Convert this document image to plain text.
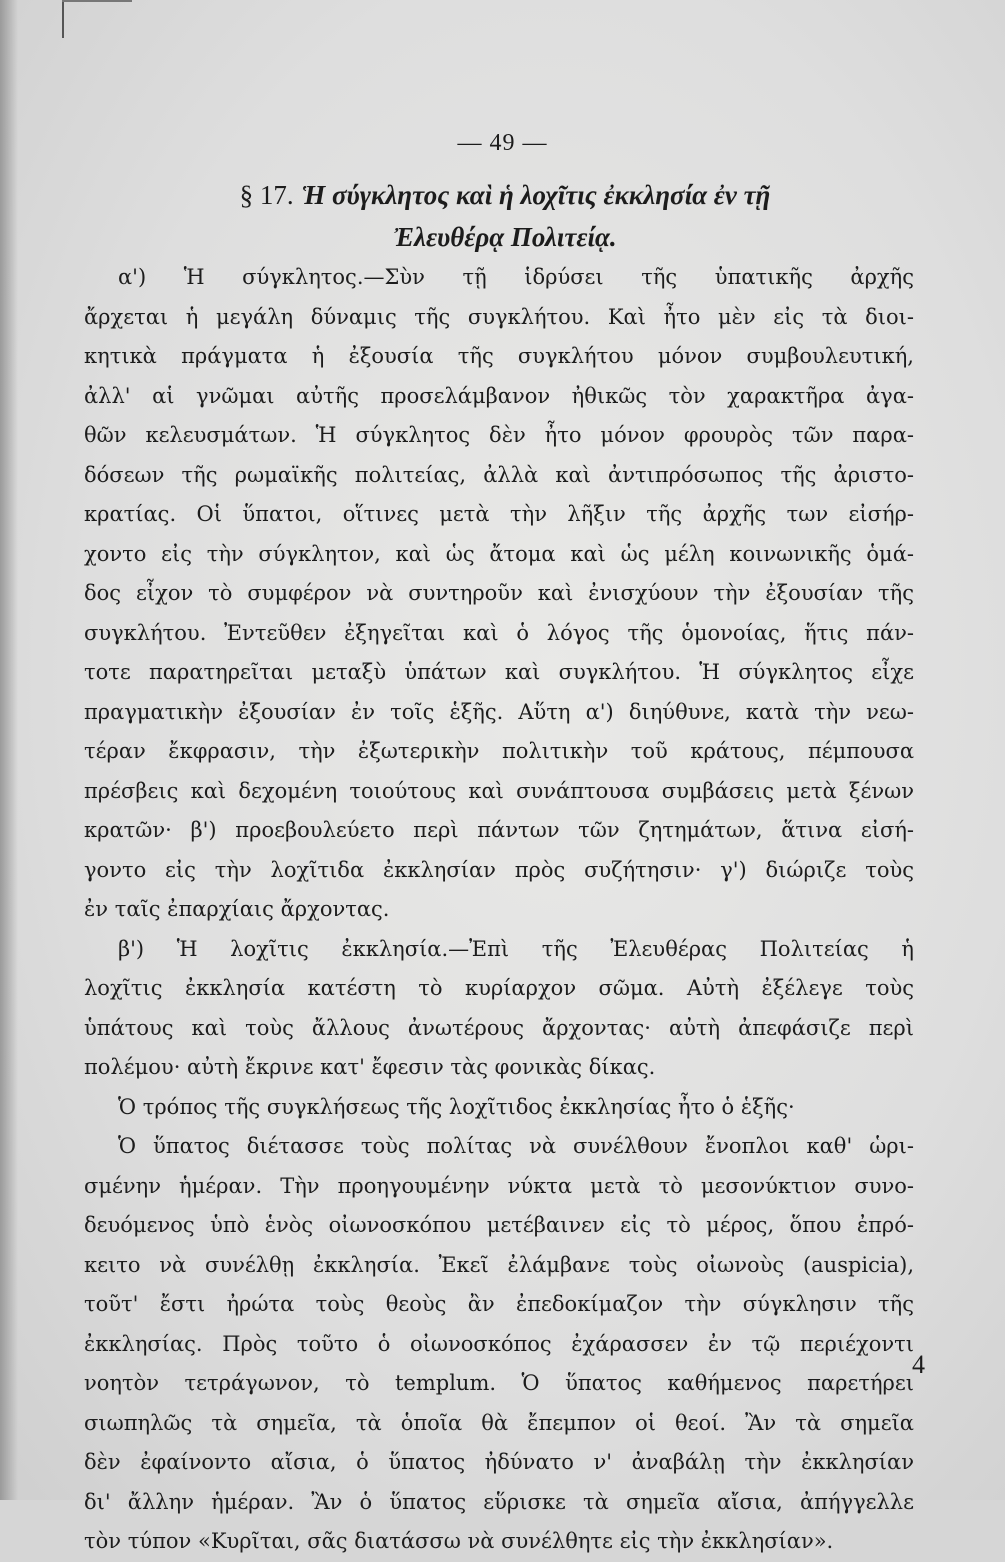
— 49 —
§ 17. Ἡ σύγκλητος καὶ ἡ λοχῖτις ἐκκλησία ἐν τῇ
Ἐλευθέρᾳ Πολιτείᾳ.
α') Ἡ σύγκλητος.—Σὺν τῇ ἱδρύσει τῆς ὑπατικῆς ἀρχῆς
ἄρχεται ἡ μεγάλη δύναμις τῆς συγκλήτου. Καὶ ἦτο μὲν εἰς τὰ διοι-
κητικὰ πράγματα ἡ ἐξουσία τῆς συγκλήτου μόνον συμβουλευτική,
ἀλλ' αἱ γνῶμαι αὐτῆς προσελάμβανον ἠθικῶς τὸν χαρακτῆρα ἀγα-
θῶν κελευσμάτων. Ἡ σύγκλητος δὲν ἦτο μόνον φρουρὸς τῶν παρα-
δόσεων τῆς ρωμαϊκῆς πολιτείας, ἀλλὰ καὶ ἀντιπρόσωπος τῆς ἀριστο-
κρατίας. Οἱ ὕπατοι, οἵτινες μετὰ τὴν λῆξιν τῆς ἀρχῆς των εἰσήρ-
χοντο εἰς τὴν σύγκλητον, καὶ ὡς ἄτομα καὶ ὡς μέλη κοινωνικῆς ὁμά-
δος εἶχον τὸ συμφέρον νὰ συντηροῦν καὶ ἐνισχύουν τὴν ἐξουσίαν τῆς
συγκλήτου. Ἐντεῦθεν ἐξηγεῖται καὶ ὁ λόγος τῆς ὁμονοίας, ἥτις πάν-
τοτε παρατηρεῖται μεταξὺ ὑπάτων καὶ συγκλήτου. Ἡ σύγκλητος εἶχε
πραγματικὴν ἐξουσίαν ἐν τοῖς ἑξῆς. Αὕτη α') διηύθυνε, κατὰ τὴν νεω-
τέραν ἔκφρασιν, τὴν ἐξωτερικὴν πολιτικὴν τοῦ κράτους, πέμπουσα
πρέσβεις καὶ δεχομένη τοιούτους καὶ συνάπτουσα συμβάσεις μετὰ ξένων
κρατῶν· β') προεβουλεύετο περὶ πάντων τῶν ζητημάτων, ἅτινα εἰσή-
γοντο εἰς τὴν λοχῖτιδα ἐκκλησίαν πρὸς συζήτησιν· γ') διώριζε τοὺς
ἐν ταῖς ἐπαρχίαις ἄρχοντας.
β') Ἡ λοχῖτις ἐκκλησία.—Ἐπὶ τῆς Ἐλευθέρας Πολιτείας ἡ
λοχῖτις ἐκκλησία κατέστη τὸ κυρίαρχον σῶμα. Αὐτὴ ἐξέλεγε τοὺς
ὑπάτους καὶ τοὺς ἄλλους ἀνωτέρους ἄρχοντας· αὐτὴ ἀπεφάσιζε περὶ
πολέμου· αὐτὴ ἔκρινε κατ' ἔφεσιν τὰς φονικὰς δίκας.
Ὁ τρόπος τῆς συγκλήσεως τῆς λοχῖτιδος ἐκκλησίας ἦτο ὁ ἑξῆς·
Ὁ ὕπατος διέτασσε τοὺς πολίτας νὰ συνέλθουν ἔνοπλοι καθ' ὡρι-
σμένην ἡμέραν. Τὴν προηγουμένην νύκτα μετὰ τὸ μεσονύκτιον συνο-
δευόμενος ὑπὸ ἑνὸς οἰωνοσκόπου μετέβαινεν εἰς τὸ μέρος, ὅπου ἐπρό-
κειτο νὰ συνέλθῃ ἐκκλησία. Ἐκεῖ ἐλάμβανε τοὺς οἰωνοὺς (auspicia),
τοῦτ' ἔστι ἠρώτα τοὺς θεοὺς ἂν ἐπεδοκίμαζον τὴν σύγκλησιν τῆς
ἐκκλησίας. Πρὸς τοῦτο ὁ οἰωνοσκόπος ἐχάρασσεν ἐν τῷ περιέχοντι
νοητὸν τετράγωνον, τὸ templum. Ὁ ὕπατος καθήμενος παρετήρει
σιωπηλῶς τὰ σημεῖα, τὰ ὁποῖα θὰ ἔπεμπον οἱ θεοί. Ἂν τὰ σημεῖα
δὲν ἐφαίνοντο αἴσια, ὁ ὕπατος ἠδύνατο ν' ἀναβάλῃ τὴν ἐκκλησίαν
δι' ἄλλην ἡμέραν. Ἂν ὁ ὕπατος εὕρισκε τὰ σημεῖα αἴσια, ἀπήγγελλε
τὸν τύπον «Κυρῖται, σᾶς διατάσσω νὰ συνέλθητε εἰς τὴν ἐκκλησίαν».
4
